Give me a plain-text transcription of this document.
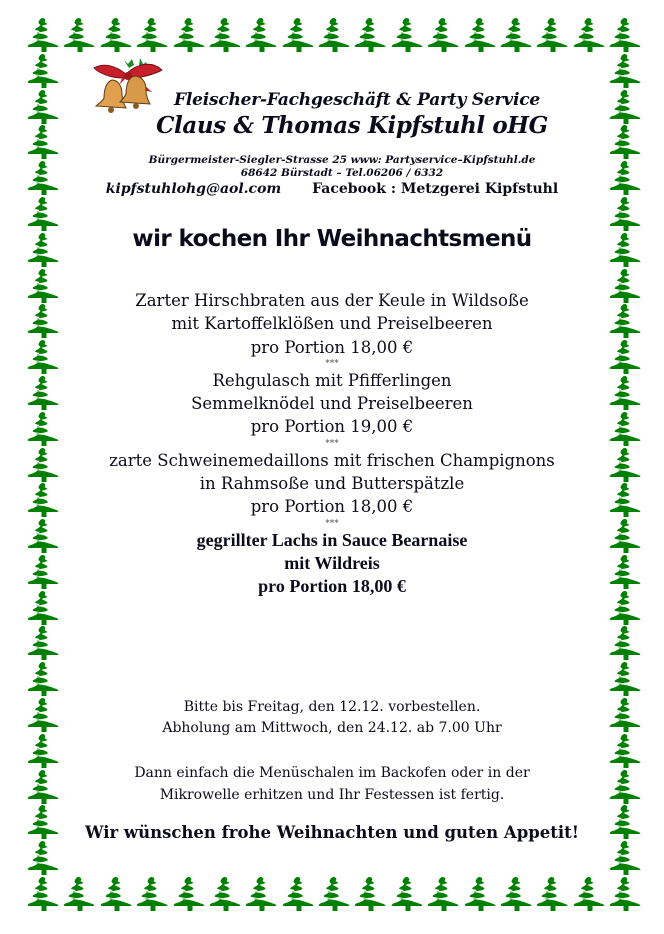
Fleischer-Fachgeschäft & Party Service
Claus & Thomas Kipfstuhl oHG
Bürgermeister-Siegler-Strasse 25 www: Partyservice–Kipfstuhl.de
68642 Bürstadt – Tel.06206 / 6332
kipfstuhlohg@aol.com Facebook : Metzgerei Kipfstuhl
wir kochen Ihr Weihnachtsmenü
Zarter Hirschbraten aus der Keule in Wildsoße
mit Kartoffelklößen und Preiselbeeren
pro Portion 18,00 €
***
Rehgulasch mit Pfifferlingen
Semmelknödel und Preiselbeeren
pro Portion 19,00 €
***
zarte Schweinemedaillons mit frischen Champignons
in Rahmsoße und Butterspätzle
pro Portion 18,00 €
***
gegrillter Lachs in Sauce Bearnaise
mit Wildreis
pro Portion 18,00 €
Bitte bis Freitag, den 12.12. vorbestellen.
Abholung am Mittwoch, den 24.12. ab 7.00 Uhr
Dann einfach die Menüschalen im Backofen oder in der
Mikrowelle erhitzen und Ihr Festessen ist fertig.
Wir wünschen frohe Weihnachten und guten Appetit!
